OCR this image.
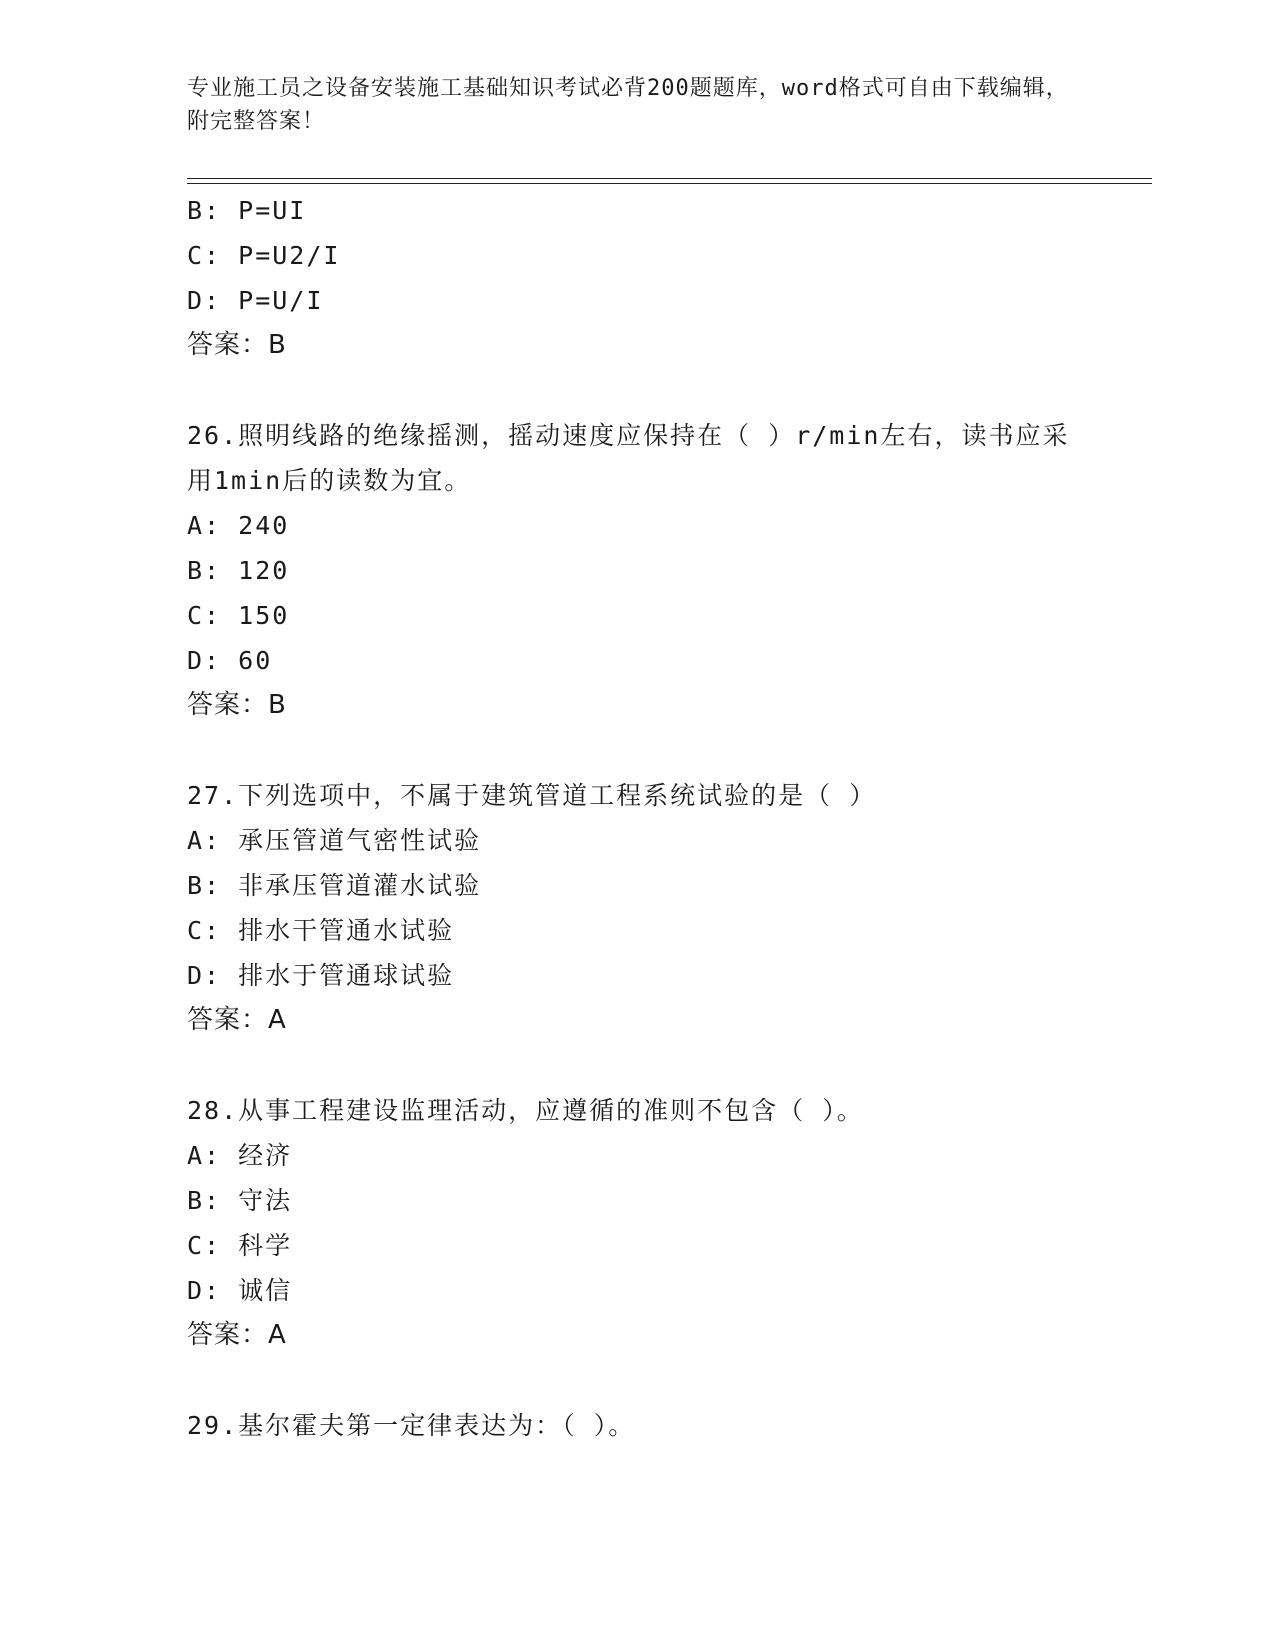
专业施工员之设备安装施工基础知识考试必背200题题库，word格式可自由下载编辑，附完整答案！
B: P=UI
C: P=U2/I
D: P=U/I
答案：B
26.照明线路的绝缘摇测，摇动速度应保持在（ ）r/min左右，读书应采用1min后的读数为宜。
A: 240
B: 120
C: 150
D: 60
答案：B
27.下列选项中，不属于建筑管道工程系统试验的是（ ）
A: 承压管道气密性试验
B: 非承压管道灌水试验
C: 排水干管通水试验
D: 排水于管通球试验
答案：A
28.从事工程建设监理活动，应遵循的准则不包含（ ）。
A: 经济
B: 守法
C: 科学
D: 诚信
答案：A
29.基尔霍夫第一定律表达为：（ ）。
